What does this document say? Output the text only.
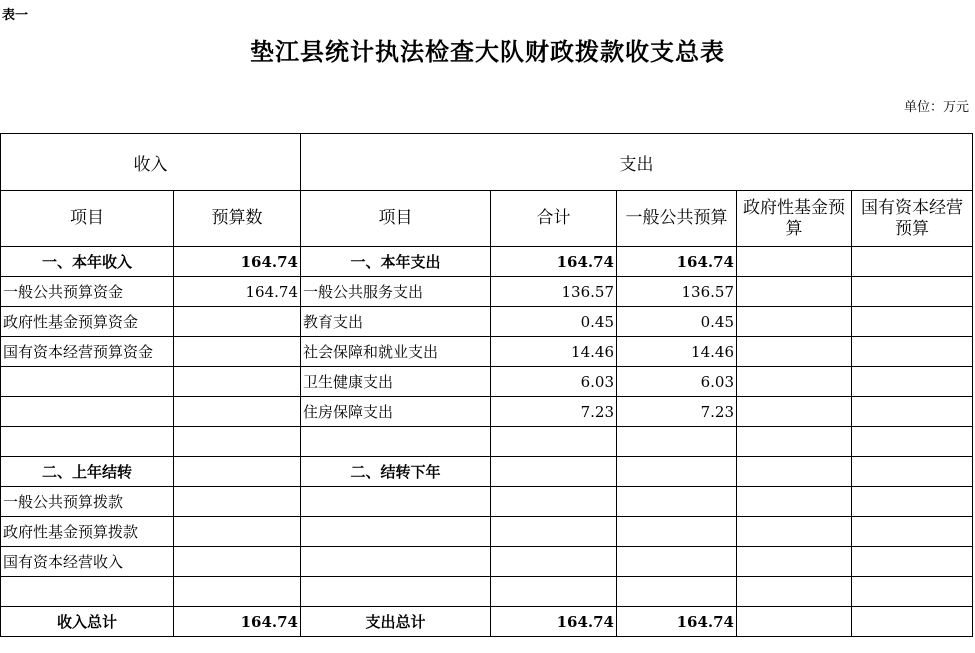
表一
垫江县统计执法检查大队财政拨款收支总表
单位：万元
收入		支出				
项目	预算数	项目	合计	一般公共预算	政府性基金预算	国有资本经营预算
一、本年收入	164.74	一、本年支出	164.74	164.74		
一般公共预算资金	164.74	一般公共服务支出	136.57	136.57		
政府性基金预算资金		教育支出	0.45	0.45		
国有资本经营预算资金		社会保障和就业支出	14.46	14.46		
		卫生健康支出	6.03	6.03		
		住房保障支出	7.23	7.23		

二、上年结转		二、结转下年				
一般公共预算拨款						
政府性基金预算拨款						
国有资本经营收入						

收入总计	164.74	支出总计	164.74	164.74		
